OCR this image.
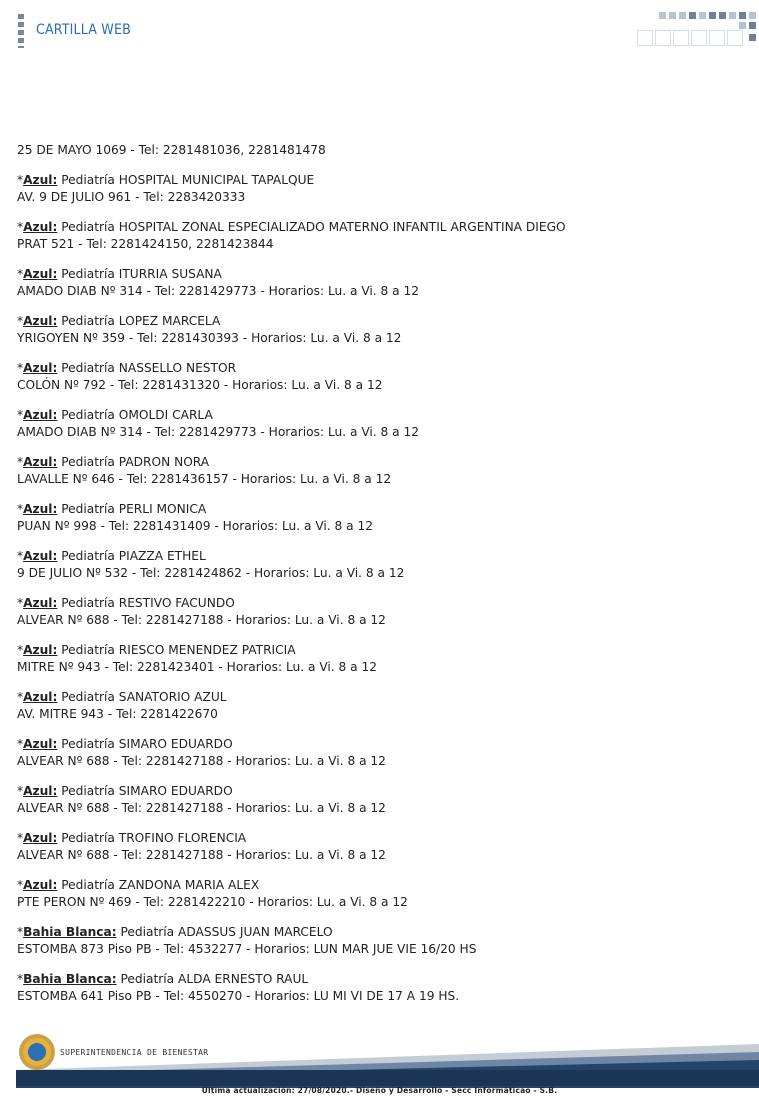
CARTILLA WEB
25 DE MAYO 1069 - Tel: 2281481036, 2281481478
*Azul: Pediatría HOSPITAL MUNICIPAL TAPALQUE
AV. 9 DE JULIO 961 - Tel: 2283420333
*Azul: Pediatría HOSPITAL ZONAL ESPECIALIZADO MATERNO INFANTIL ARGENTINA DIEGO
PRAT 521 - Tel: 2281424150, 2281423844
*Azul: Pediatría ITURRIA SUSANA
AMADO DIAB Nº 314 - Tel: 2281429773 - Horarios: Lu. a Vi. 8 a 12
*Azul: Pediatría LOPEZ MARCELA
YRIGOYEN Nº 359 - Tel: 2281430393 - Horarios: Lu. a Vi. 8 a 12
*Azul: Pediatría NASSELLO NESTOR
COLÓN Nº 792 - Tel: 2281431320 - Horarios: Lu. a Vi. 8 a 12
*Azul: Pediatría OMOLDI CARLA
AMADO DIAB Nº 314 - Tel: 2281429773 - Horarios: Lu. a Vi. 8 a 12
*Azul: Pediatría PADRON NORA
LAVALLE Nº 646 - Tel: 2281436157 - Horarios: Lu. a Vi. 8 a 12
*Azul: Pediatría PERLI MONICA
PUAN Nº 998 - Tel: 2281431409 - Horarios: Lu. a Vi. 8 a 12
*Azul: Pediatría PIAZZA ETHEL
9 DE JULIO Nº 532 - Tel: 2281424862 - Horarios: Lu. a Vi. 8 a 12
*Azul: Pediatría RESTIVO FACUNDO
ALVEAR Nº 688 - Tel: 2281427188 - Horarios: Lu. a Vi. 8 a 12
*Azul: Pediatría RIESCO MENENDEZ PATRICIA
MITRE Nº 943 - Tel: 2281423401 - Horarios: Lu. a Vi. 8 a 12
*Azul: Pediatría SANATORIO AZUL
AV. MITRE 943 - Tel: 2281422670
*Azul: Pediatría SIMARO EDUARDO
ALVEAR Nº 688 - Tel: 2281427188 - Horarios: Lu. a Vi. 8 a 12
*Azul: Pediatría SIMARO EDUARDO
ALVEAR Nº 688 - Tel: 2281427188 - Horarios: Lu. a Vi. 8 a 12
*Azul: Pediatría TROFINO FLORENCIA
ALVEAR Nº 688 - Tel: 2281427188 - Horarios: Lu. a Vi. 8 a 12
*Azul: Pediatría ZANDONA MARIA ALEX
PTE PERON Nº 469 - Tel: 2281422210 - Horarios: Lu. a Vi. 8 a 12
*Bahia Blanca: Pediatría ADASSUS JUAN MARCELO
ESTOMBA 873 Piso PB - Tel: 4532277 - Horarios: LUN MAR JUE VIE 16/20 HS
*Bahia Blanca: Pediatría ALDA ERNESTO RAUL
ESTOMBA 641 Piso PB - Tel: 4550270 - Horarios: LU MI VI DE 17 A 19 HS.
SUPERINTENDENCIA DE BIENESTAR
Última actualización: 27/08/2020.- Diseño y Desarrollo - Secc Informáticao - S.B.
